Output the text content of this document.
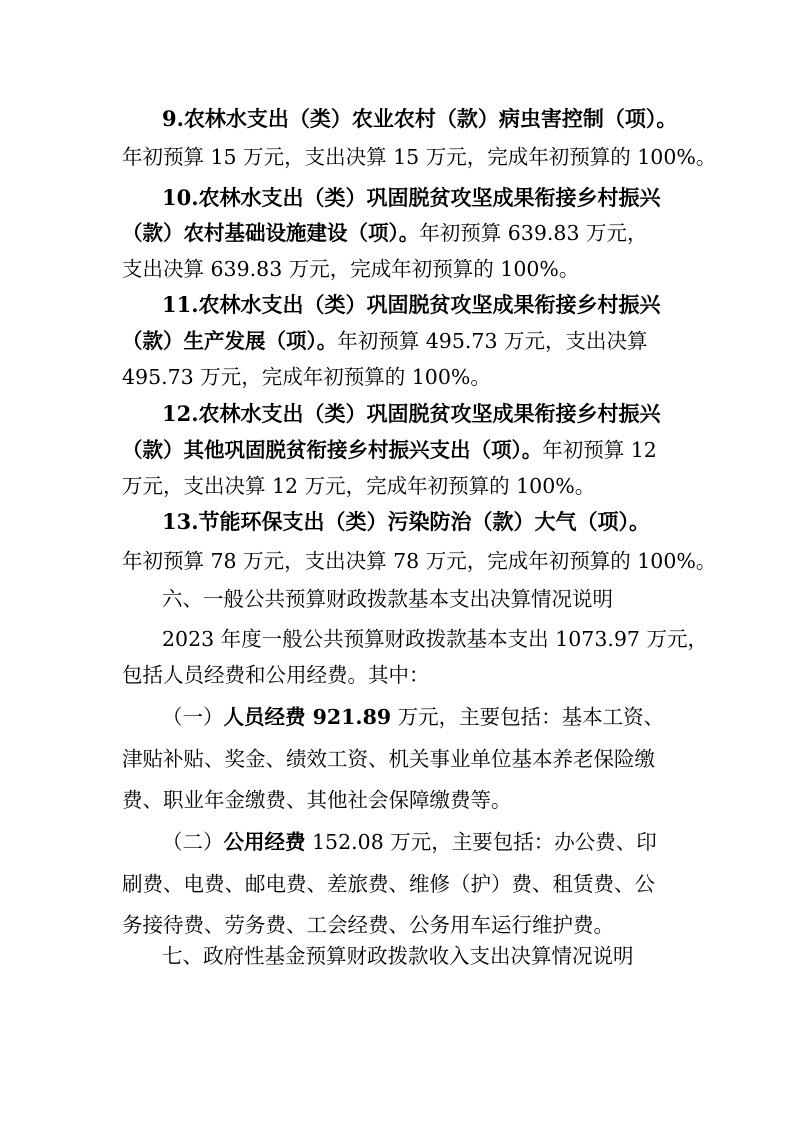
9.农林水支出（类）农业农村（款）病虫害控制（项）。
年初预算 15 万元，支出决算 15 万元，完成年初预算的 100%。
10.农林水支出（类）巩固脱贫攻坚成果衔接乡村振兴
（款）农村基础设施建设（项）。年初预算 639.83 万元，
支出决算 639.83 万元，完成年初预算的 100%。
11.农林水支出（类）巩固脱贫攻坚成果衔接乡村振兴
（款）生产发展（项）。年初预算 495.73 万元，支出决算
495.73 万元，完成年初预算的 100%。
12.农林水支出（类）巩固脱贫攻坚成果衔接乡村振兴
（款）其他巩固脱贫衔接乡村振兴支出（项）。年初预算 12
万元，支出决算 12 万元，完成年初预算的 100%。
13.节能环保支出（类）污染防治（款）大气（项）。
年初预算 78 万元，支出决算 78 万元，完成年初预算的 100%。
六、一般公共预算财政拨款基本支出决算情况说明
2023 年度一般公共预算财政拨款基本支出 1073.97 万元，
包括人员经费和公用经费。其中：
（一）人员经费 921.89 万元，主要包括：基本工资、
津贴补贴、奖金、绩效工资、机关事业单位基本养老保险缴
费、职业年金缴费、其他社会保障缴费等。
（二）公用经费 152.08 万元，主要包括：办公费、印
刷费、电费、邮电费、差旅费、维修（护）费、租赁费、公
务接待费、劳务费、工会经费、公务用车运行维护费。
七、政府性基金预算财政拨款收入支出决算情况说明
